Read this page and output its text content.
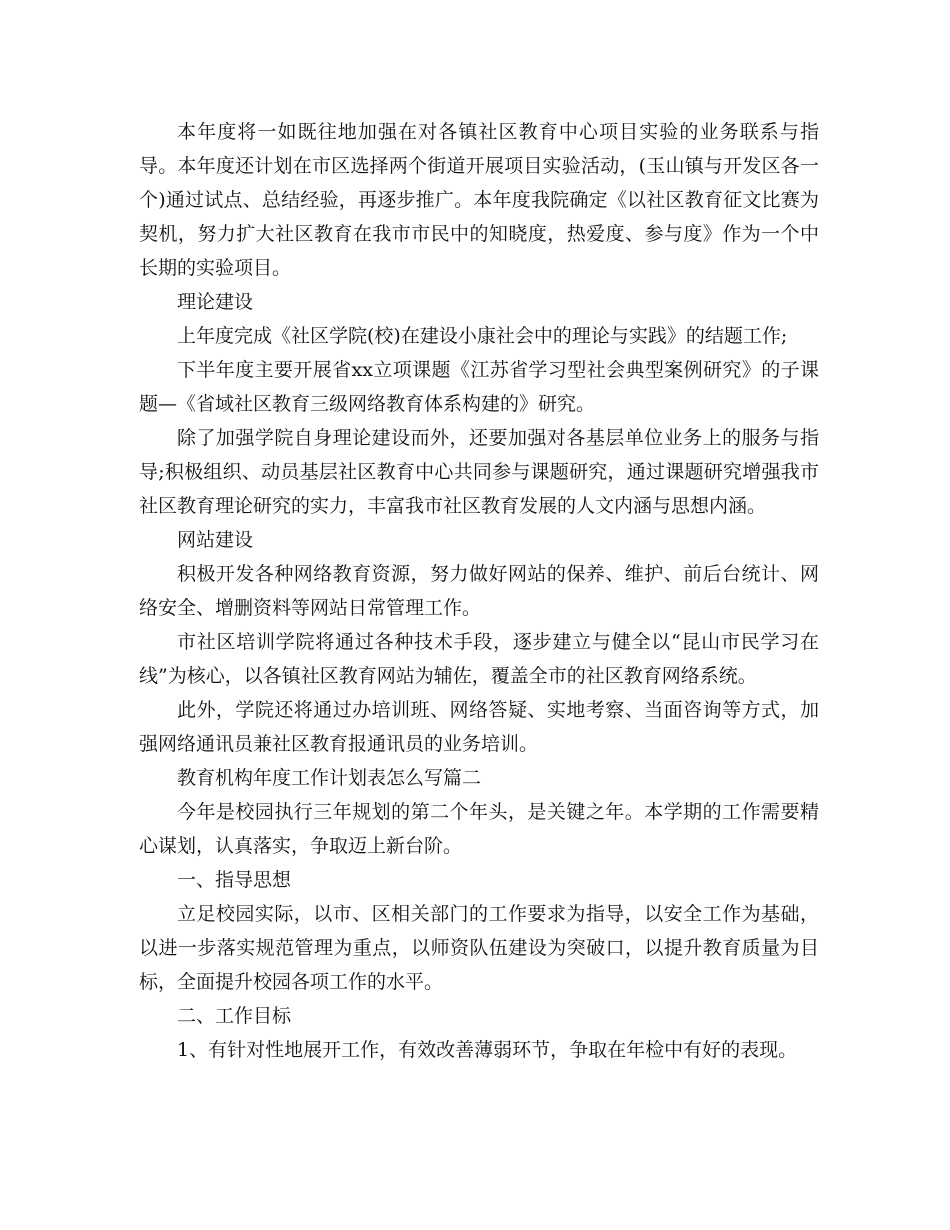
本年度将一如既往地加强在对各镇社区教育中心项目实验的业务联系与指导。本年度还计划在市区选择两个街道开展项目实验活动，(玉山镇与开发区各一个)通过试点、总结经验，再逐步推广。本年度我院确定《以社区教育征文比赛为契机，努力扩大社区教育在我市市民中的知晓度，热爱度、参与度》作为一个中长期的实验项目。

理论建设

上年度完成《社区学院(校)在建设小康社会中的理论与实践》的结题工作;

下半年度主要开展省xx立项课题《江苏省学习型社会典型案例研究》的子课题—《省域社区教育三级网络教育体系构建的》研究。

除了加强学院自身理论建设而外，还要加强对各基层单位业务上的服务与指导;积极组织、动员基层社区教育中心共同参与课题研究，通过课题研究增强我市社区教育理论研究的实力，丰富我市社区教育发展的人文内涵与思想内涵。

网站建设

积极开发各种网络教育资源，努力做好网站的保养、维护、前后台统计、网络安全、增删资料等网站日常管理工作。

市社区培训学院将通过各种技术手段，逐步建立与健全以“昆山市民学习在线”为核心，以各镇社区教育网站为辅佐，覆盖全市的社区教育网络系统。

此外，学院还将通过办培训班、网络答疑、实地考察、当面咨询等方式，加强网络通讯员兼社区教育报通讯员的业务培训。

教育机构年度工作计划表怎么写篇二

今年是校园执行三年规划的第二个年头，是关键之年。本学期的工作需要精心谋划，认真落实，争取迈上新台阶。

一、指导思想

立足校园实际，以市、区相关部门的工作要求为指导，以安全工作为基础，以进一步落实规范管理为重点，以师资队伍建设为突破口，以提升教育质量为目标，全面提升校园各项工作的水平。

二、工作目标

1、有针对性地展开工作，有效改善薄弱环节，争取在年检中有好的表现。
